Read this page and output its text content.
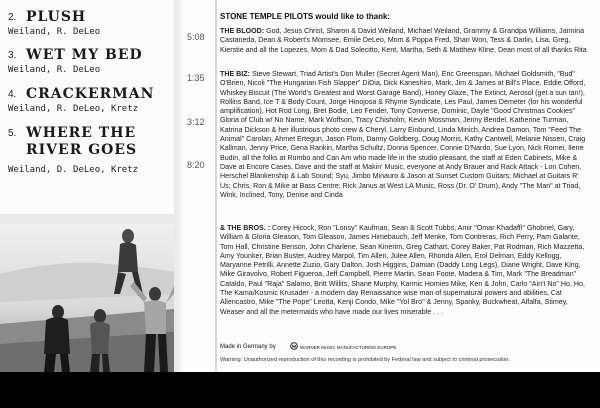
2. PLUSH
Weiland, R. DeLeo
3. WET MY BED
Weiland, R. DeLeo
4. CRACKERMAN
Weiland, R. DeLeo, Kretz
5. WHERE THE
RIVER GOES
Weiland, D. DeLeo, Kretz
5:08
1:35
3:12
8:20
STONE TEMPLE PILOTS would like to thank:

THE BLOOD: God, Jesus Christ, Sharon & David Weiland, Michael Weiland, Grammy & Grandpa Williams, Jannina Castaneda, Dean & Robert's Momsee, Emile DeLeo, Mom & Poppa Fred, Shari Won, Tess & Darlin, Lisa, Greg, Kierstie and all the Lopezes, Mom & Dad Solecitto, Kent, Martha, Seth & Matthew Kline, Dean most of all thanks Rita

THE BIZ: Steve Stewart, Triad Artist's Don Muller (Secret Agent Man), Eric Greenspan, Michael Goldsmith, "Bud" O'Brien, Nicoli "The Hungarian Fish Slapper" DiDia, Dick Kaneshiro, Mark, Jim & James at Bill's Place, Eddie Offord, Whiskey Biscuit (The World's Greatest and Worst Garage Band), Honey Glaze, The Extinct, Aerosol (get a sun tan!), Rollins Band, Ice T & Body Count, Jorge Hinojosa & Rhyme Syndicate, Les Paul, James Demeter (for his wonderful amplification), Hot Rod Long, Bret Bodie, Leo Fender, Tony Converse, Dominic, Dayle "Good Christmas Cookies" Gloria of Club w/ No Name, Mark Woffson, Tracy Chisholm, Kevin Mossman, Jenny Bendel, Katherine Turman, Katrina Dickson & her illustrious photo crew & Cheryl, Larry Einbund, Linda Minich, Andrea Damon, Tom "Feed The Animal" Carolan, Ahmet Ertegun, Jason Flom, Danny Goldberg, Doug Morris, Kathy Cantwell, Melanie Nissen, Craig Kallman, Jenny Price, Gena Rankin, Martha Schultz, Donna Spencer, Connie D'Nardo, Sue Lyon, Nick Romei, Ilene Budin, all the folks at Rumbo and Can Am who made life in the studio pleasant, the staff at Eden Cabinets, Mike & Dave at Encore Cases, Dave and the staff at Makin' Music, everyone at Andy Brauer and Rack Attack - Lon Cohen, Herschel Blankenship & Lab Sound; Syu, Jimbo Minauro & Jason at Sunset Custom Guitars; Michael at Guitars R' Us; Chris, Ron & Mike at Bass Centre; Rick Janus at West LA Music, Ross (Dr. O' Drum), Andy "The Man" at Triad, Wink, Inclined, Tony, Denise and Cinda

& THE BROS. : Corey Hicock, Ron "Lonsy" Kaufman, Sean & Scott Tubbs, Amir "Omar Khadaffi" Ghobriel, Gary, William & Gloria Gleason, Tom Gleason, James Himebauch, Jeff Menke, Tom Contreras, Rich Perry, Pam Galante, Tom Hall, Christine Benson, John Charlene, Sean Kinerim, Greg Cathart, Corey Baker, Pat Rodman, Rich Mazzetta, Amy Younker, Brian Buster, Audrey Marpol, Tim Allen, Julee Allen, Rhonda Allen, Erol Delman, Eddy Kellogg, Maryanne Petrilli, Annette Zuzio, Gary Dalton, Josh Higgins, Damian (Daddy Long Legs), Diane Wright, Dave King, Mike Giravolvo, Robert Figueroa, Jeff Campbell, Pierre Martin, Sean Foote, Madera & Tim, Mark "The Breadman" Cataldo, Paul "Raja" Salamo, Britt Willits, Shane Murphy, Karmic Homies Mike, Ken & John, Carlo "Ain't No" Ho, Ho, The Kama/Kosmic Krusader - a modern day Renaissance wise man of supernatural powers and abilities, Cat Allencastro, Mike "The Pope" Leotta, Kenji Condo, Mike "Yol Bro" & Jenny, Spanky, Buckwheat, Alfalfa, Stimey, Weaser and all the metermaids who have made our lives miserable . . .

Made in Germany by	WARNER MUSIC MANUFACTURING EUROPE
Warning: Unauthorized reproduction of this recording is prohibited by Federal law and subject to criminal prosecution.
